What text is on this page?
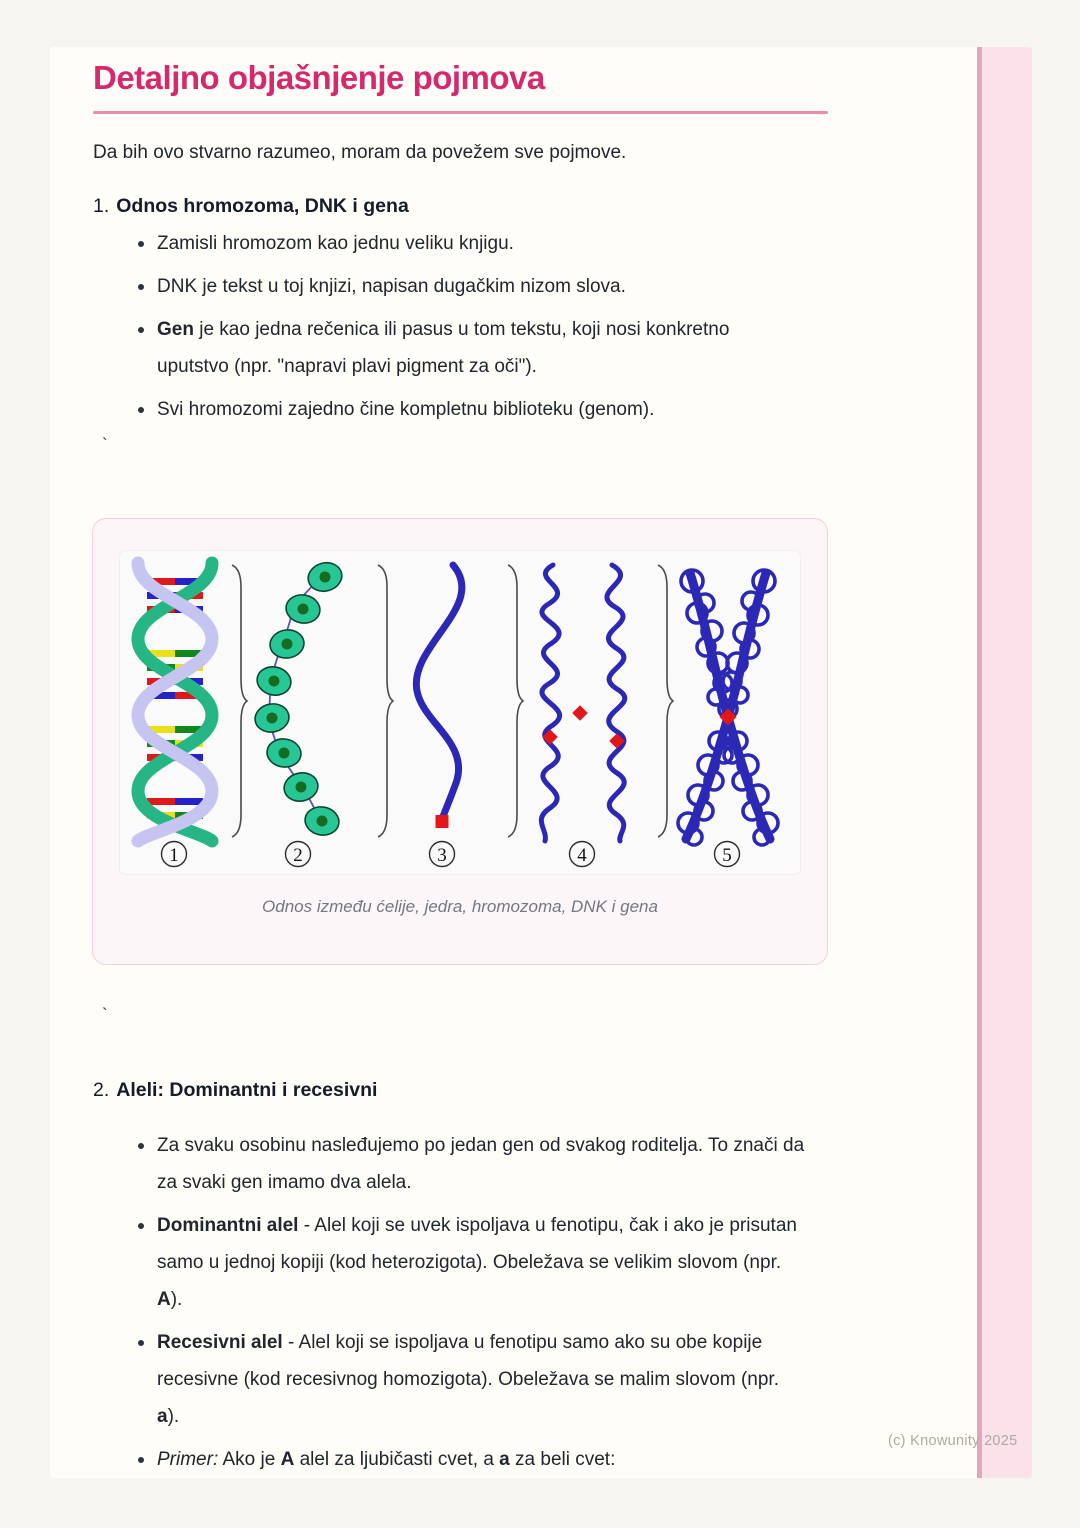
Detaljno objašnjenje pojmova

Da bih ovo stvarno razumeo, moram da povežem sve pojmove.

1. Odnos hromozoma, DNK i gena
Zamisli hromozom kao jednu veliku knjigu.
DNK je tekst u toj knjizi, napisan dugačkim nizom slova.
Gen je kao jedna rečenica ili pasus u tom tekstu, koji nosi konkretno uputstvo (npr. "napravi plavi pigment za oči").
Svi hromozomi zajedno čine kompletnu biblioteku (genom).
`
1	2	3	4	5
Odnos između ćelije, jedra, hromozoma, DNK i gena
`
2. Aleli: Dominantni i recesivni
Za svaku osobinu nasleđujemo po jedan gen od svakog roditelja. To znači da za svaki gen imamo dva alela.
Dominantni alel - Alel koji se uvek ispoljava u fenotipu, čak i ako je prisutan samo u jednoj kopiji (kod heterozigota). Obeležava se velikim slovom (npr. A).
Recesivni alel - Alel koji se ispoljava u fenotipu samo ako su obe kopije recesivne (kod recesivnog homozigota). Obeležava se malim slovom (npr. a).
Primer: Ako je A alel za ljubičasti cvet, a a za beli cvet:
(c) Knowunity 2025
